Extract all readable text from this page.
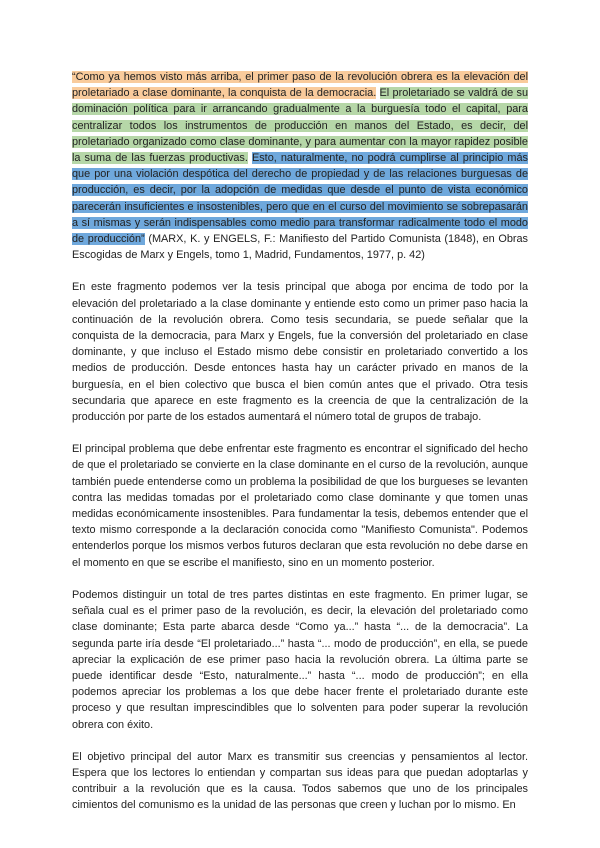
“Como ya hemos visto más arriba, el primer paso de la revolución obrera es la elevación del proletariado a clase dominante, la conquista de la democracia. El proletariado se valdrá de su dominación política para ir arrancando gradualmente a la burguesía todo el capital, para centralizar todos los instrumentos de producción en manos del Estado, es decir, del proletariado organizado como clase dominante, y para aumentar con la mayor rapidez posible la suma de las fuerzas productivas. Esto, naturalmente, no podrá cumplirse al principio más que por una violación despótica del derecho de propiedad y de las relaciones burguesas de producción, es decir, por la adopción de medidas que desde el punto de vista económico parecerán insuficientes e insostenibles, pero que en el curso del movimiento se sobrepasarán a sí mismas y serán indispensables como medio para transformar radicalmente todo el modo de producción” (MARX, K. y ENGELS, F.: Manifiesto del Partido Comunista (1848), en Obras Escogidas de Marx y Engels, tomo 1, Madrid, Fundamentos, 1977, p. 42)

En este fragmento podemos ver la tesis principal que aboga por encima de todo por la elevación del proletariado a la clase dominante y entiende esto como un primer paso hacia la continuación de la revolución obrera. Como tesis secundaria, se puede señalar que la conquista de la democracia, para Marx y Engels, fue la conversión del proletariado en clase dominante, y que incluso el Estado mismo debe consistir en proletariado convertido a los medios de producción. Desde entonces hasta hay un carácter privado en manos de la burguesía, en el bien colectivo que busca el bien común antes que el privado. Otra tesis secundaria que aparece en este fragmento es la creencia de que la centralización de la producción por parte de los estados aumentará el número total de grupos de trabajo.

El principal problema que debe enfrentar este fragmento es encontrar el significado del hecho de que el proletariado se convierte en la clase dominante en el curso de la revolución, aunque también puede entenderse como un problema la posibilidad de que los burgueses se levanten contra las medidas tomadas por el proletariado como clase dominante y que tomen unas medidas económicamente insostenibles. Para fundamentar la tesis, debemos entender que el texto mismo corresponde a la declaración conocida como "Manifiesto Comunista". Podemos entenderlos porque los mismos verbos futuros declaran que esta revolución no debe darse en el momento en que se escribe el manifiesto, sino en un momento posterior.

Podemos distinguir un total de tres partes distintas en este fragmento. En primer lugar, se señala cual es el primer paso de la revolución, es decir, la elevación del proletariado como clase dominante; Esta parte abarca desde “Como ya...” hasta “... de la democracia”. La segunda parte iría desde “El proletariado...” hasta “... modo de producción”, en ella, se puede apreciar la explicación de ese primer paso hacia la revolución obrera. La última parte se puede identificar desde “Esto, naturalmente...” hasta “... modo de producción”; en ella podemos apreciar los problemas a los que debe hacer frente el proletariado durante este proceso y que resultan imprescindibles que lo solventen para poder superar la revolución obrera con éxito.

El objetivo principal del autor Marx es transmitir sus creencias y pensamientos al lector. Espera que los lectores lo entiendan y compartan sus ideas para que puedan adoptarlas y contribuir a la revolución que es la causa. Todos sabemos que uno de los principales cimientos del comunismo es la unidad de las personas que creen y luchan por lo mismo. En
